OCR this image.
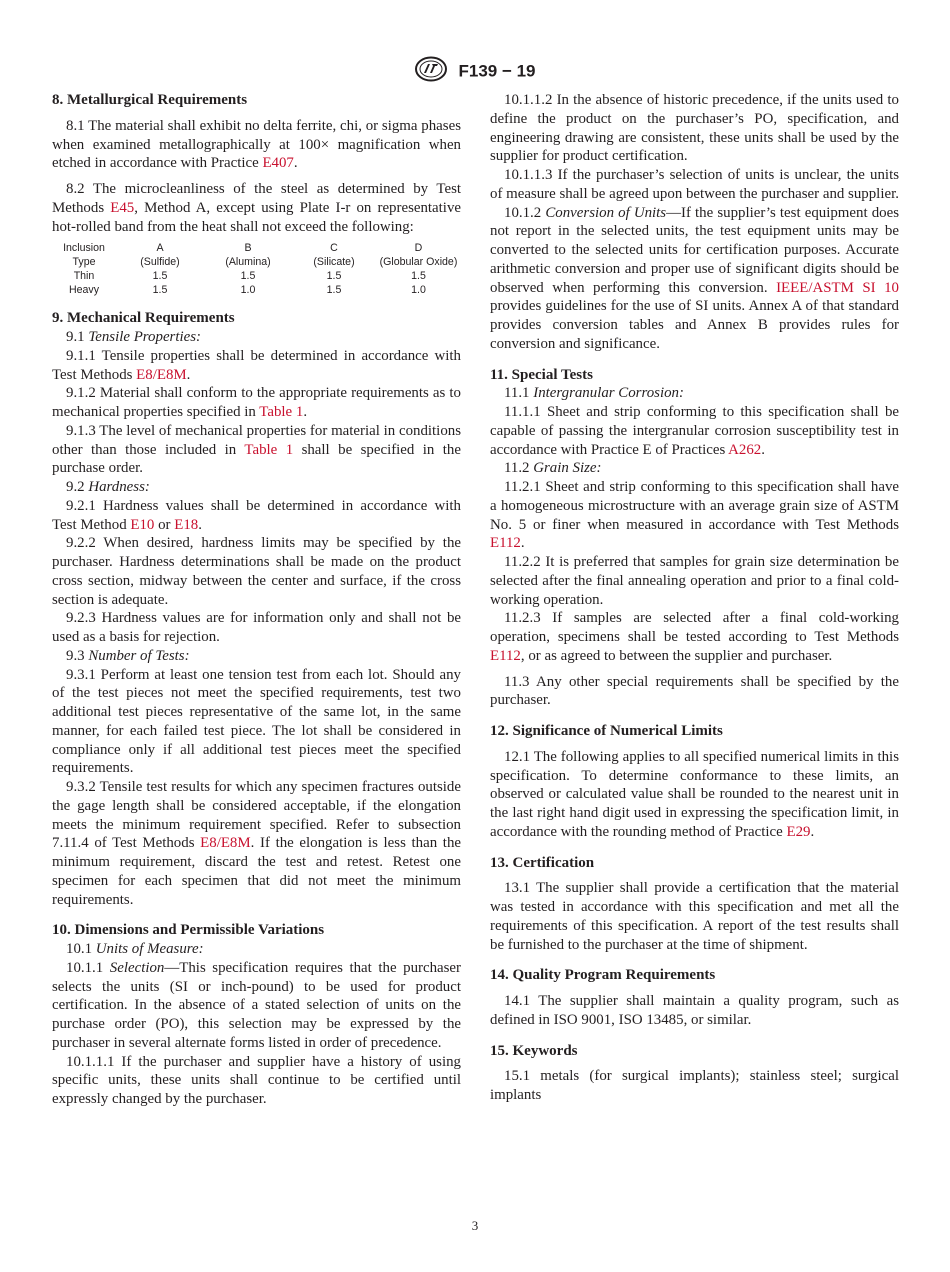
F139 − 19

8. Metallurgical Requirements

8.1 The material shall exhibit no delta ferrite, chi, or sigma phases when examined metallographically at 100× magnification when etched in accordance with Practice E407.

8.2 The microcleanliness of the steel as determined by Test Methods E45, Method A, except using Plate I-r on representative hot-rolled band from the heat shall not exceed the following:

Inclusion	A	B	C	D
Type	(Sulfide)	(Alumina)	(Silicate)	(Globular Oxide)
Thin	1.5	1.5	1.5	1.5
Heavy	1.5	1.0	1.5	1.0

9. Mechanical Requirements

9.1 Tensile Properties:

9.1.1 Tensile properties shall be determined in accordance with Test Methods E8/E8M.

9.1.2 Material shall conform to the appropriate requirements as to mechanical properties specified in Table 1.

9.1.3 The level of mechanical properties for material in conditions other than those included in Table 1 shall be specified in the purchase order.

9.2 Hardness:

9.2.1 Hardness values shall be determined in accordance with Test Method E10 or E18.

9.2.2 When desired, hardness limits may be specified by the purchaser. Hardness determinations shall be made on the product cross section, midway between the center and surface, if the cross section is adequate.

9.2.3 Hardness values are for information only and shall not be used as a basis for rejection.

9.3 Number of Tests:

9.3.1 Perform at least one tension test from each lot. Should any of the test pieces not meet the specified requirements, test two additional test pieces representative of the same lot, in the same manner, for each failed test piece. The lot shall be considered in compliance only if all additional test pieces meet the specified requirements.

9.3.2 Tensile test results for which any specimen fractures outside the gage length shall be considered acceptable, if the elongation meets the minimum requirement specified. Refer to subsection 7.11.4 of Test Methods E8/E8M. If the elongation is less than the minimum requirement, discard the test and retest. Retest one specimen for each specimen that did not meet the minimum requirements.

10. Dimensions and Permissible Variations

10.1 Units of Measure:

10.1.1 Selection—This specification requires that the purchaser selects the units (SI or inch-pound) to be used for product certification. In the absence of a stated selection of units on the purchase order (PO), this selection may be expressed by the purchaser in several alternate forms listed in order of precedence.

10.1.1.1 If the purchaser and supplier have a history of using specific units, these units shall continue to be certified until expressly changed by the purchaser.

10.1.1.2 In the absence of historic precedence, if the units used to define the product on the purchaser’s PO, specification, and engineering drawing are consistent, these units shall be used by the supplier for product certification.

10.1.1.3 If the purchaser’s selection of units is unclear, the units of measure shall be agreed upon between the purchaser and supplier.

10.1.2 Conversion of Units—If the supplier’s test equipment does not report in the selected units, the test equipment units may be converted to the selected units for certification purposes. Accurate arithmetic conversion and proper use of significant digits should be observed when performing this conversion. IEEE/ASTM SI 10 provides guidelines for the use of SI units. Annex A of that standard provides conversion tables and Annex B provides rules for conversion and significance.

11. Special Tests

11.1 Intergranular Corrosion:

11.1.1 Sheet and strip conforming to this specification shall be capable of passing the intergranular corrosion susceptibility test in accordance with Practice E of Practices A262.

11.2 Grain Size:

11.2.1 Sheet and strip conforming to this specification shall have a homogeneous microstructure with an average grain size of ASTM No. 5 or finer when measured in accordance with Test Methods E112.

11.2.2 It is preferred that samples for grain size determination be selected after the final annealing operation and prior to a final cold-working operation.

11.2.3 If samples are selected after a final cold-working operation, specimens shall be tested according to Test Methods E112, or as agreed to between the supplier and purchaser.

11.3 Any other special requirements shall be specified by the purchaser.

12. Significance of Numerical Limits

12.1 The following applies to all specified numerical limits in this specification. To determine conformance to these limits, an observed or calculated value shall be rounded to the nearest unit in the last right hand digit used in expressing the specification limit, in accordance with the rounding method of Practice E29.

13. Certification

13.1 The supplier shall provide a certification that the material was tested in accordance with this specification and met all the requirements of this specification. A report of the test results shall be furnished to the purchaser at the time of shipment.

14. Quality Program Requirements

14.1 The supplier shall maintain a quality program, such as defined in ISO 9001, ISO 13485, or similar.

15. Keywords

15.1 metals (for surgical implants); stainless steel; surgical implants

3
